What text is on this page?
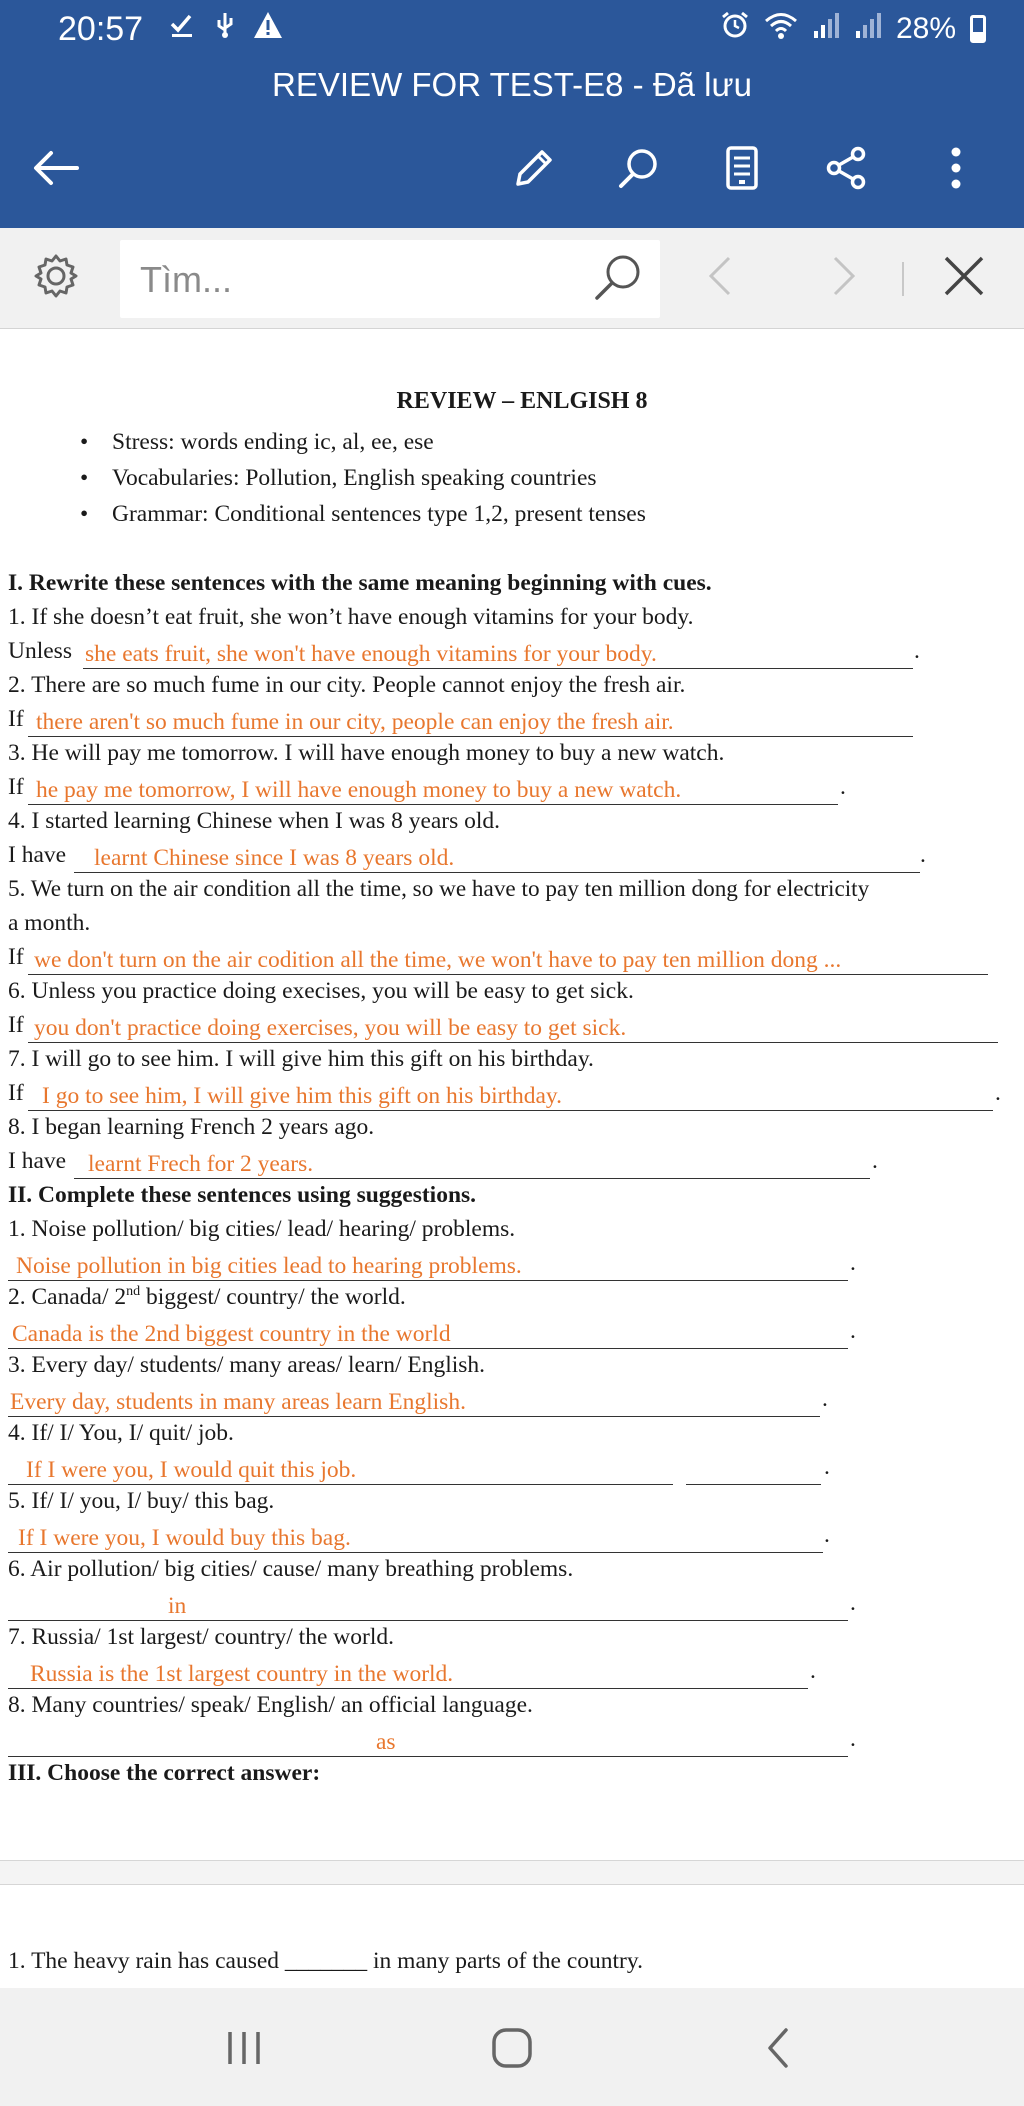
20:57	28%
REVIEW FOR TEST-E8 - Đã lưu
Tìm...
REVIEW – ENLGISH 8
• Stress: words ending ic, al, ee, ese
• Vocabularies: Pollution, English speaking countries
• Grammar: Conditional sentences type 1,2, present tenses
I. Rewrite these sentences with the same meaning beginning with cues.
1. If she doesn’t eat fruit, she won’t have enough vitamins for your body.
Unless she eats fruit, she won't have enough vitamins for your body.	.
2. There are so much fume in our city. People cannot enjoy the fresh air.
If there aren't so much fume in our city, people can enjoy the fresh air.
3. He will pay me tomorrow. I will have enough money to buy a new watch.
If he pay me tomorrow, I will have enough money to buy a new watch.	.
4. I started learning Chinese when I was 8 years old.
I have learnt Chinese since I was 8 years old.	.
5. We turn on the air condition all the time, so we have to pay ten million dong for electricity
a month.
If we don't turn on the air codition all the time, we won't have to pay ten million dong ...
6. Unless you practice doing execises, you will be easy to get sick.
If you don't practice doing exercises, you will be easy to get sick.
7. I will go to see him. I will give him this gift on his birthday.
If I go to see him, I will give him this gift on his birthday.	.
8. I began learning French 2 years ago.
I have learnt Frech for 2 years.	.
II. Complete these sentences using suggestions.
1. Noise pollution/ big cities/ lead/ hearing/ problems.
Noise pollution in big cities lead to hearing problems.	.
2. Canada/ 2nd biggest/ country/ the world.
Canada is the 2nd biggest country in the world	.
3. Every day/ students/ many areas/ learn/ English.
Every day, students in many areas learn English.	.
4. If/ I/ You, I/ quit/ job.
If I were you, I would quit this job.	.
5. If/ I/ you, I/ buy/ this bag.
If I were you, I would buy this bag.	.
6. Air pollution/ big cities/ cause/ many breathing problems.
in	.
7. Russia/ 1st largest/ country/ the world.
Russia is the 1st largest country in the world.	.
8. Many countries/ speak/ English/ an official language.
as	.
III. Choose the correct answer:
1. The heavy rain has caused _______ in many parts of the country.
